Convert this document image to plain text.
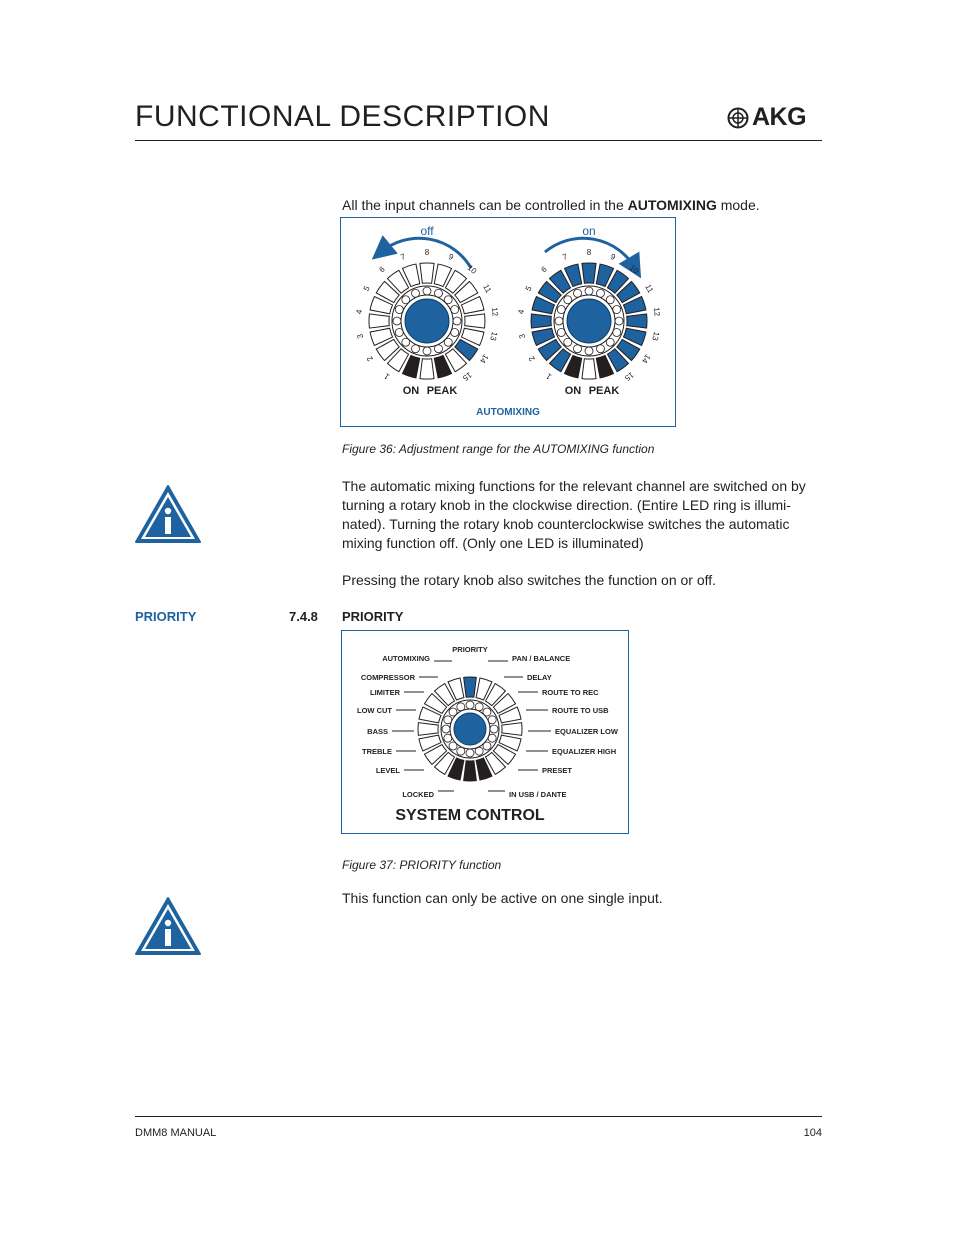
FUNCTIONAL DESCRIPTION	AKG
All the input channels can be controlled in the AUTOMIXING mode.
off	on
1
2
3
4
5
6
7 8 9
10
11
12
13
14
15	1
2
3
4
5
6
7 8 9
10
11
12
13
14
15
ON PEAK	ON PEAK
AUTOMIXING
Figure 36: Adjustment range for the AUTOMIXING function
The automatic mixing functions for the relevant channel are switched on by
turning a rotary knob in the clockwise direction. (Entire LED ring is illumi-
nated). Turning the rotary knob counterclockwise switches the automatic
mixing function off. (Only one LED is illuminated)
Pressing the rotary knob also switches the function on or off.
PRIORITY	7.4.8 PRIORITY
PRIORITY
AUTOMIXING	PAN / BALANCE
COMPRESSOR	DELAY
LIMITER	ROUTE TO REC
LOW CUT	ROUTE TO USB
BASS	EQUALIZER LOW
TREBLE	EQUALIZER HIGH
LEVEL	PRESET
LOCKED	IN USB / DANTE
SYSTEM CONTROL
Figure 37: PRIORITY function
This function can only be active on one single input.
DMM8 MANUAL	104
